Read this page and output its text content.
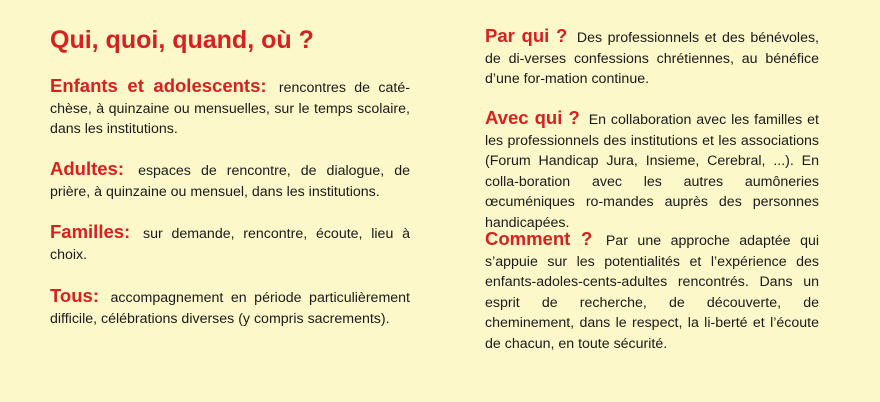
Qui, quoi, quand, où ?

Enfants et adolescents: rencontres de caté-chèse, à quinzaine ou mensuelles, sur le temps scolaire, dans les institutions.

Adultes: espaces de rencontre, de dialogue, de prière, à quinzaine ou mensuel, dans les institutions.

Familles: sur demande, rencontre, écoute, lieu à choix.

Tous: accompagnement en période particulièrement difficile, célébrations diverses (y compris sacrements).

Par qui ? Des professionnels et des bénévoles, de di-verses confessions chrétiennes, au bénéfice d’une for-mation continue.

Avec qui ? En collaboration avec les familles et les professionnels des institutions et les associations (Forum Handicap Jura, Insieme, Cerebral, ...). En colla-boration avec les autres aumôneries œcuméniques ro-mandes auprès des personnes handicapées.

Comment ? Par une approche adaptée qui s’appuie sur les potentialités et l’expérience des enfants-adoles-cents-adultes rencontrés. Dans un esprit de recherche, de découverte, de cheminement, dans le respect, la li-berté et l’écoute de chacun, en toute sécurité.
